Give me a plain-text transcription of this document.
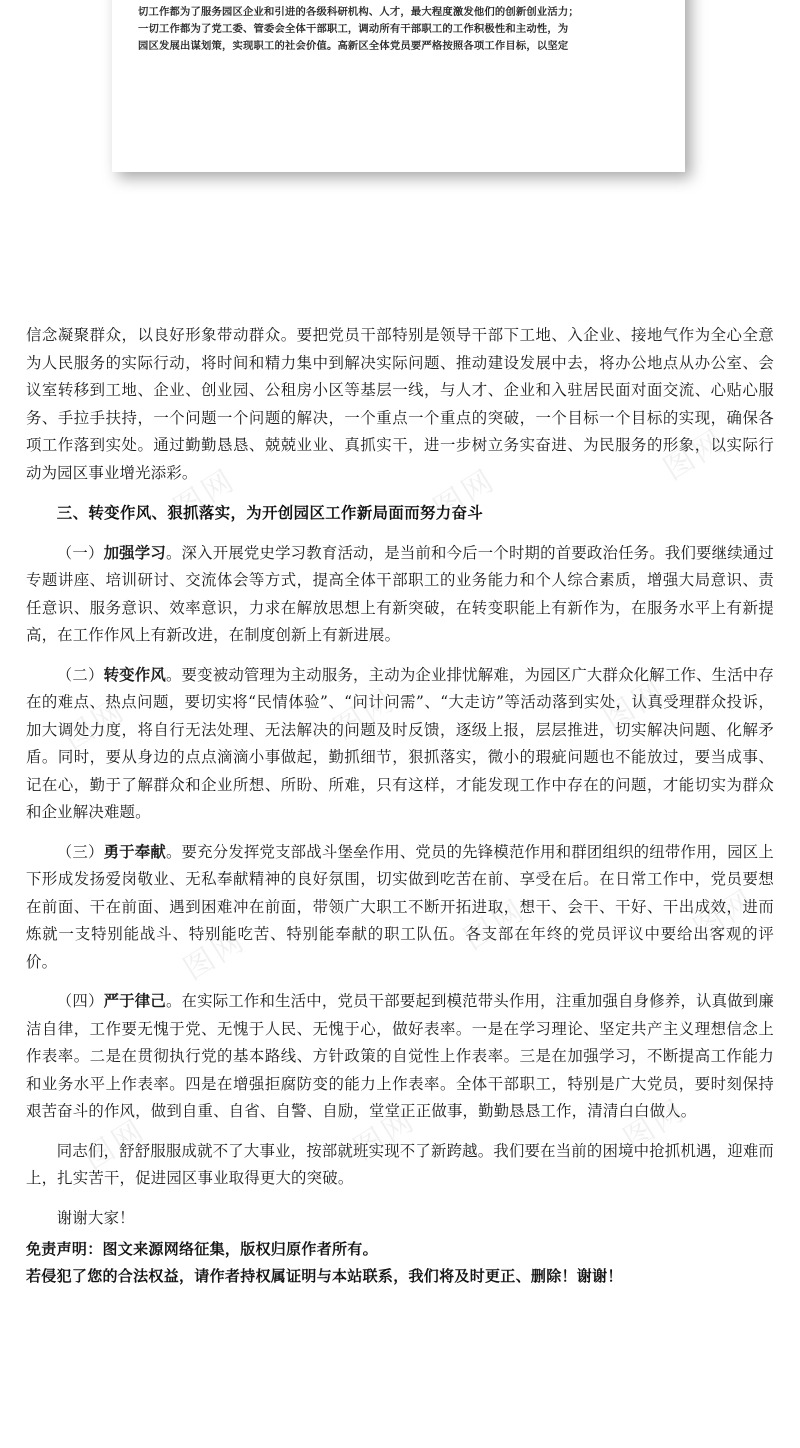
切工作都为了服务园区企业和引进的各级科研机构、人才，最大程度激发他们的创新创业活力；
一切工作都为了党工委、管委会全体干部职工，调动所有干部职工的工作积极性和主动性，为
园区发展出谋划策，实现职工的社会价值。高新区全体党员要严格按照各项工作目标，以坚定

信念凝聚群众，以良好形象带动群众。要把党员干部特别是领导干部下工地、入企业、接地气作为全心全意为人民服务的实际行动，将时间和精力集中到解决实际问题、推动建设发展中去，将办公地点从办公室、会议室转移到工地、企业、创业园、公租房小区等基层一线，与人才、企业和入驻居民面对面交流、心贴心服务、手拉手扶持，一个问题一个问题的解决，一个重点一个重点的突破，一个目标一个目标的实现，确保各项工作落到实处。通过勤勤恳恳、兢兢业业、真抓实干，进一步树立务实奋进、为民服务的形象，以实际行动为园区事业增光添彩。

三、转变作风、狠抓落实，为开创园区工作新局面而努力奋斗

（一）加强学习。深入开展党史学习教育活动，是当前和今后一个时期的首要政治任务。我们要继续通过专题讲座、培训研讨、交流体会等方式，提高全体干部职工的业务能力和个人综合素质，增强大局意识、责任意识、服务意识、效率意识，力求在解放思想上有新突破，在转变职能上有新作为，在服务水平上有新提高，在工作作风上有新改进，在制度创新上有新进展。

（二）转变作风。要变被动管理为主动服务，主动为企业排忧解难，为园区广大群众化解工作、生活中存在的难点、热点问题，要切实将“民情体验”、“问计问需”、“大走访”等活动落到实处，认真受理群众投诉，加大调处力度，将自行无法处理、无法解决的问题及时反馈，逐级上报，层层推进，切实解决问题、化解矛盾。同时，要从身边的点点滴滴小事做起，勤抓细节，狠抓落实，微小的瑕疵问题也不能放过，要当成事、记在心，勤于了解群众和企业所想、所盼、所难，只有这样，才能发现工作中存在的问题，才能切实为群众和企业解决难题。

（三）勇于奉献。要充分发挥党支部战斗堡垒作用、党员的先锋模范作用和群团组织的纽带作用，园区上下形成发扬爱岗敬业、无私奉献精神的良好氛围，切实做到吃苦在前、享受在后。在日常工作中，党员要想在前面、干在前面、遇到困难冲在前面，带领广大职工不断开拓进取，想干、会干、干好、干出成效，进而炼就一支特别能战斗、特别能吃苦、特别能奉献的职工队伍。各支部在年终的党员评议中要给出客观的评价。

（四）严于律己。在实际工作和生活中，党员干部要起到模范带头作用，注重加强自身修养，认真做到廉洁自律，工作要无愧于党、无愧于人民、无愧于心，做好表率。一是在学习理论、坚定共产主义理想信念上作表率。二是在贯彻执行党的基本路线、方针政策的自觉性上作表率。三是在加强学习，不断提高工作能力和业务水平上作表率。四是在增强拒腐防变的能力上作表率。全体干部职工，特别是广大党员，要时刻保持艰苦奋斗的作风，做到自重、自省、自警、自励，堂堂正正做事，勤勤恳恳工作，清清白白做人。

同志们，舒舒服服成就不了大事业，按部就班实现不了新跨越。我们要在当前的困境中抢抓机遇，迎难而上，扎实苦干，促进园区事业取得更大的突破。

谢谢大家！

免责声明：图文来源网络征集，版权归原作者所有。
若侵犯了您的合法权益，请作者持权属证明与本站联系，我们将及时更正、删除！谢谢！
图网	图网
图网
图网	图网	图网
图网	图网	图网
图网	图网	图网
